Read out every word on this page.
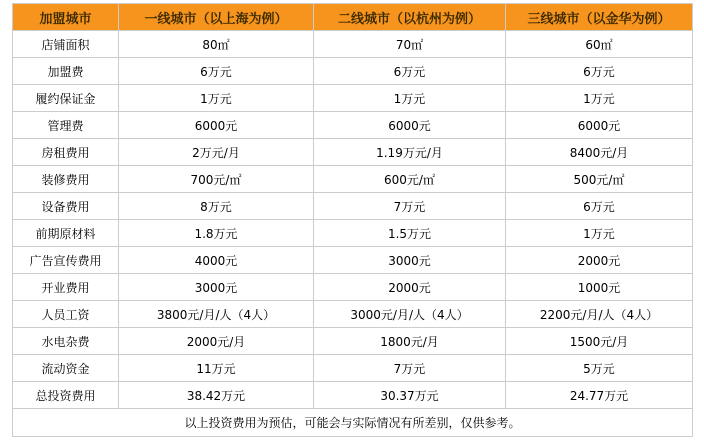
加盟城市	一线城市（以上海为例）	二线城市（以杭州为例）	三线城市（以金华为例）
店铺面积	80㎡	70㎡	60㎡
加盟费	6万元	6万元	6万元
履约保证金	1万元	1万元	1万元
管理费	6000元	6000元	6000元
房租费用	2万元/月	1.19万元/月	8400元/月
装修费用	700元/㎡	600元/㎡	500元/㎡
设备费用	8万元	7万元	6万元
前期原材料	1.8万元	1.5万元	1万元
广告宣传费用	4000元	3000元	2000元
开业费用	3000元	2000元	1000元
人员工资	3800元/月/人（4人）	3000元/月/人（4人）	2200元/月/人（4人）
水电杂费	2000元/月	1800元/月	1500元/月
流动资金	11万元	7万元	5万元
总投资费用	38.42万元	30.37万元	24.77万元
以上投资费用为预估，可能会与实际情况有所差别，仅供参考。			
